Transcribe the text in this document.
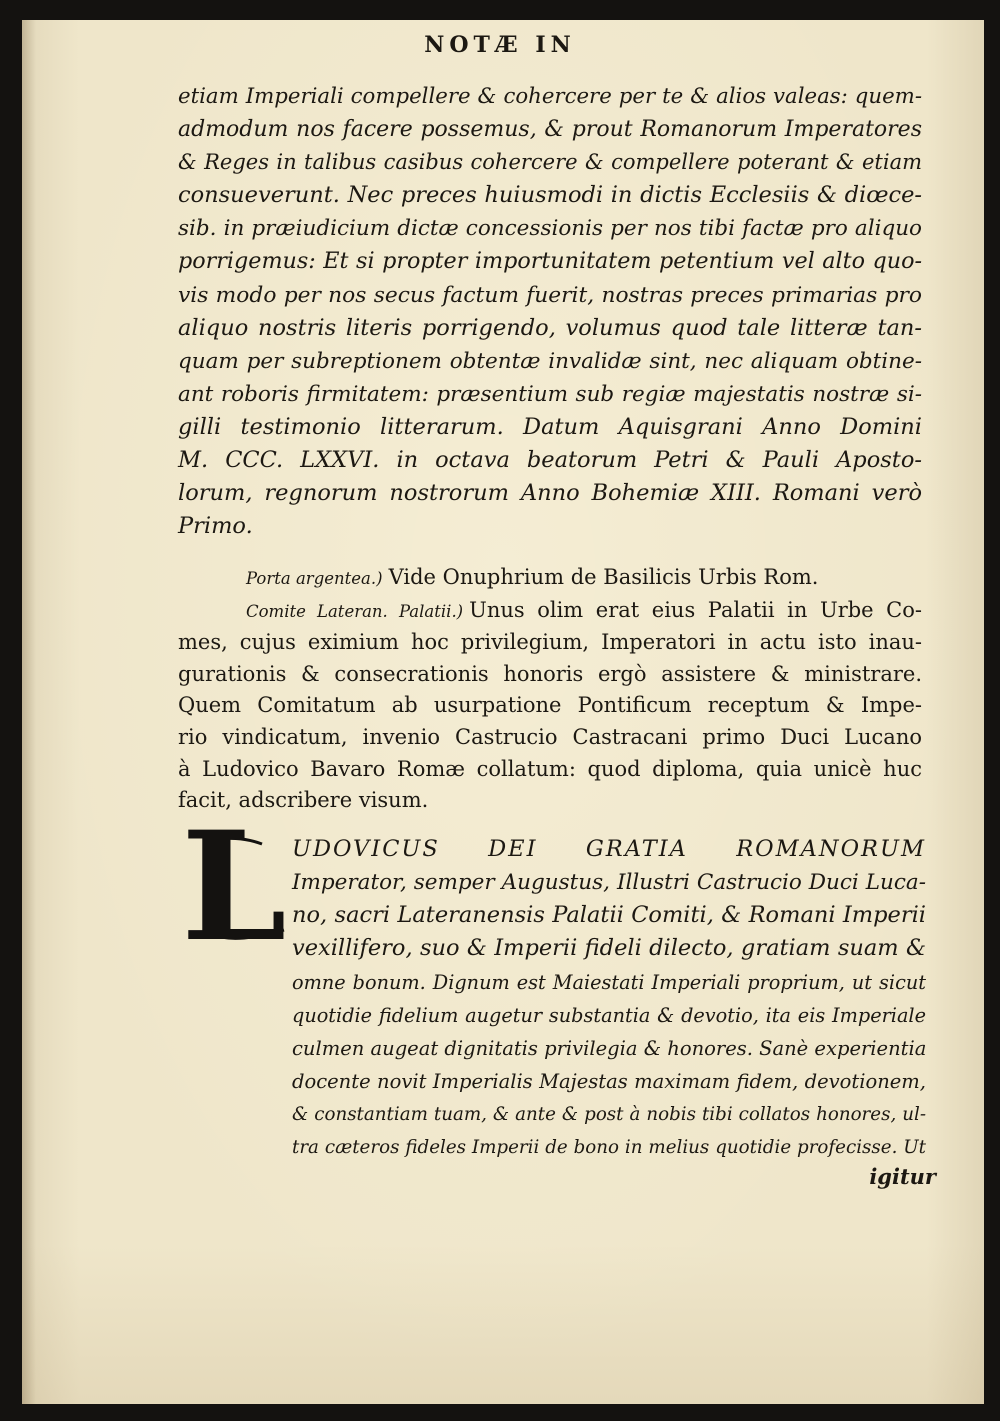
NOTÆ IN
etiam Imperiali compellere & cohercere per te & alios valeas: quem-
admodum nos facere possemus, & prout Romanorum Imperatores
& Reges in talibus casibus cohercere & compellere poterant & etiam
consueverunt. Nec preces huiusmodi in dictis Ecclesiis & diœce-
sib. in præiudicium dictæ concessionis per nos tibi factæ pro aliquo
porrigemus: Et si propter importunitatem petentium vel alto quo-
vis modo per nos secus factum fuerit, nostras preces primarias pro
aliquo nostris literis porrigendo, volumus quod tale litteræ tan-
quam per subreptionem obtentæ invalidæ sint, nec aliquam obtine-
ant roboris firmitatem: præsentium sub regiæ majestatis nostræ si-
gilli testimonio litterarum. Datum Aquisgrani Anno Domini
M. CCC. LXXVI. in octava beatorum Petri & Pauli Aposto-
lorum, regnorum nostrorum Anno Bohemiæ XIII. Romani verò
Primo.
Porta argentea.) Vide Onuphrium de Basilicis Urbis Rom.
Comite Lateran. Palatii.) Unus olim erat eius Palatii in Urbe Co-
mes, cujus eximium hoc privilegium, Imperatori in actu isto inau-
gurationis & consecrationis honoris ergò assistere & ministrare.
Quem Comitatum ab usurpatione Pontificum receptum & Impe-
rio vindicatum, invenio Castrucio Castracani primo Duci Lucano
à Ludovico Bavaro Romæ collatum: quod diploma, quia unicè huc
facit, adscribere visum.
L UDOVICUS DEI GRATIA ROMANORUM
Imperator, semper Augustus, Illustri Castrucio Duci Luca-
no, sacri Lateranensis Palatii Comiti, & Romani Imperii
vexillifero, suo & Imperii fideli dilecto, gratiam suam &
omne bonum. Dignum est Maiestati Imperiali proprium, ut sicut
quotidie fidelium augetur substantia & devotio, ita eis Imperiale
culmen augeat dignitatis privilegia & honores. Sanè experientia
docente novit Imperialis Majestas maximam fidem, devotionem,
& constantiam tuam, & ante & post à nobis tibi collatos honores, ul-
tra cæteros fideles Imperii de bono in melius quotidie profecisse. Ut
igitur
